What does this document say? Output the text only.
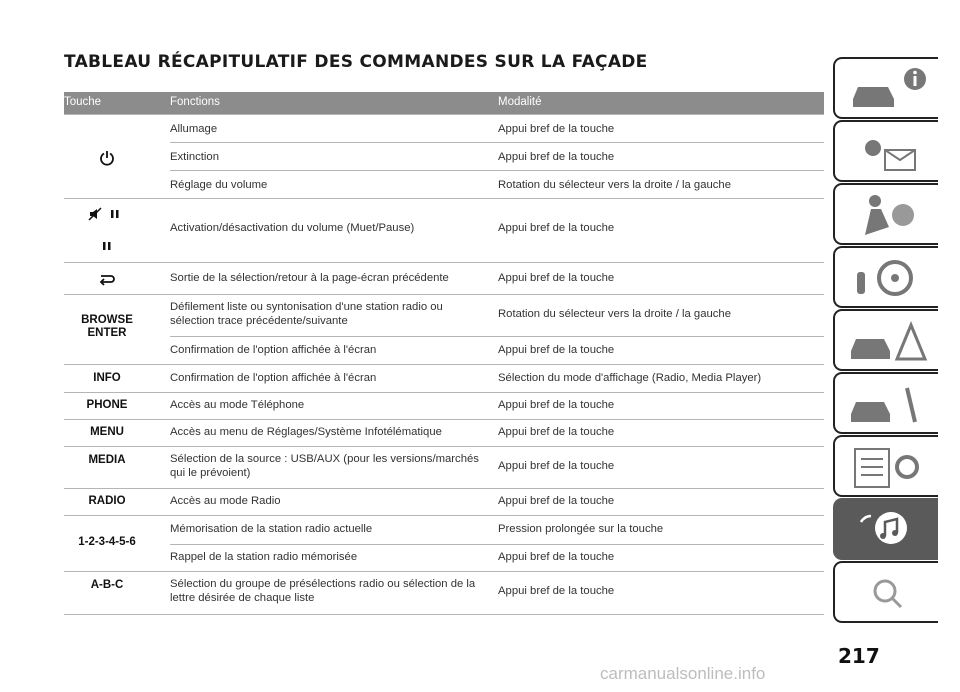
TABLEAU RÉCAPITULATIF DES COMMANDES SUR LA FAÇADE
Touche	Fonctions	Modalité
BROWSE ENTER
INFO
PHONE
MENU
MEDIA
RADIO
1-2-3-4-5-6
A-B-C
Allumage
Extinction
Réglage du volume
Activation/désactivation du volume (Muet/Pause)
Sortie de la sélection/retour à la page-écran précédente
Défilement liste ou syntonisation d'une station radio ou sélection trace précédente/suivante
Confirmation de l'option affichée à l'écran
Confirmation de l'option affichée à l'écran
Accès au mode Téléphone
Accès au menu de Réglages/Système Infotélématique
Sélection de la source : USB/AUX (pour les versions/marchés qui le prévoient)
Accès au mode Radio
Mémorisation de la station radio actuelle
Rappel de la station radio mémorisée
Sélection du groupe de présélections radio ou sélection de la lettre désirée de chaque liste
Appui bref de la touche
Appui bref de la touche
Rotation du sélecteur vers la droite / la gauche
Appui bref de la touche
Appui bref de la touche
Rotation du sélecteur vers la droite / la gauche
Appui bref de la touche
Sélection du mode d'affichage (Radio, Media Player)
Appui bref de la touche
Appui bref de la touche
Appui bref de la touche
Appui bref de la touche
Pression prolongée sur la touche
Appui bref de la touche
Appui bref de la touche
217
carmanualsonline.info
